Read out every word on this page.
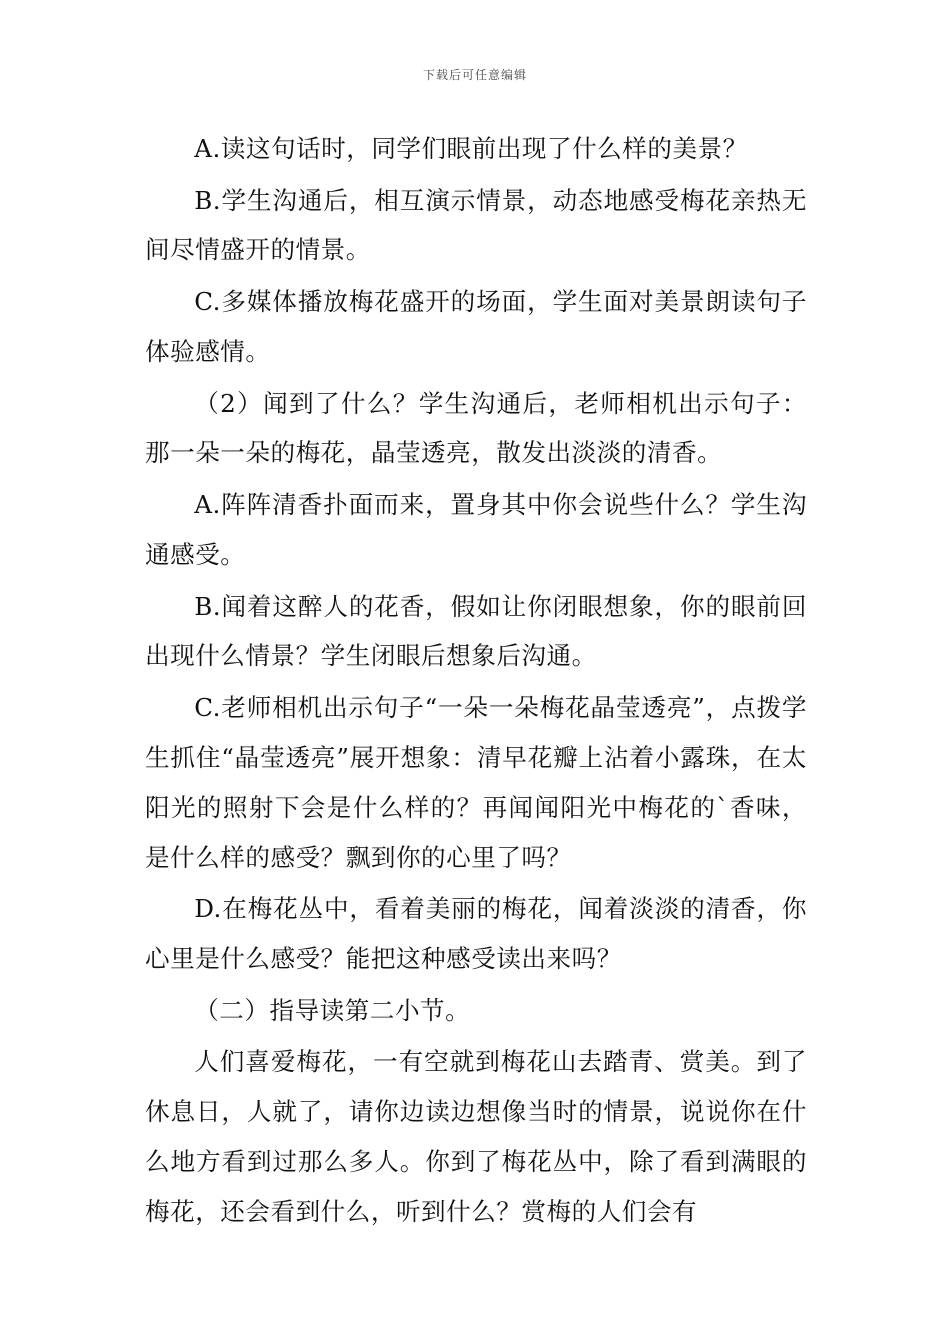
下载后可任意编辑

A.读这句话时，同学们眼前出现了什么样的美景？

B.学生沟通后，相互演示情景，动态地感受梅花亲热无间尽情盛开的情景。

C.多媒体播放梅花盛开的场面，学生面对美景朗读句子体验感情。

（2）闻到了什么？学生沟通后，老师相机出示句子：那一朵一朵的梅花，晶莹透亮，散发出淡淡的清香。

A.阵阵清香扑面而来，置身其中你会说些什么？学生沟通感受。

B.闻着这醉人的花香，假如让你闭眼想象，你的眼前回出现什么情景？学生闭眼后想象后沟通。

C.老师相机出示句子“一朵一朵梅花晶莹透亮”，点拨学生抓住“晶莹透亮”展开想象：清早花瓣上沾着小露珠，在太阳光的照射下会是什么样的？再闻闻阳光中梅花的`香味，是什么样的感受？飘到你的心里了吗？

D.在梅花丛中，看着美丽的梅花，闻着淡淡的清香，你心里是什么感受？能把这种感受读出来吗？

（二）指导读第二小节。

人们喜爱梅花，一有空就到梅花山去踏青、赏美。到了休息日，人就了，请你边读边想像当时的情景，说说你在什么地方看到过那么多人。你到了梅花丛中，除了看到满眼的梅花，还会看到什么，听到什么？赏梅的人们会有
